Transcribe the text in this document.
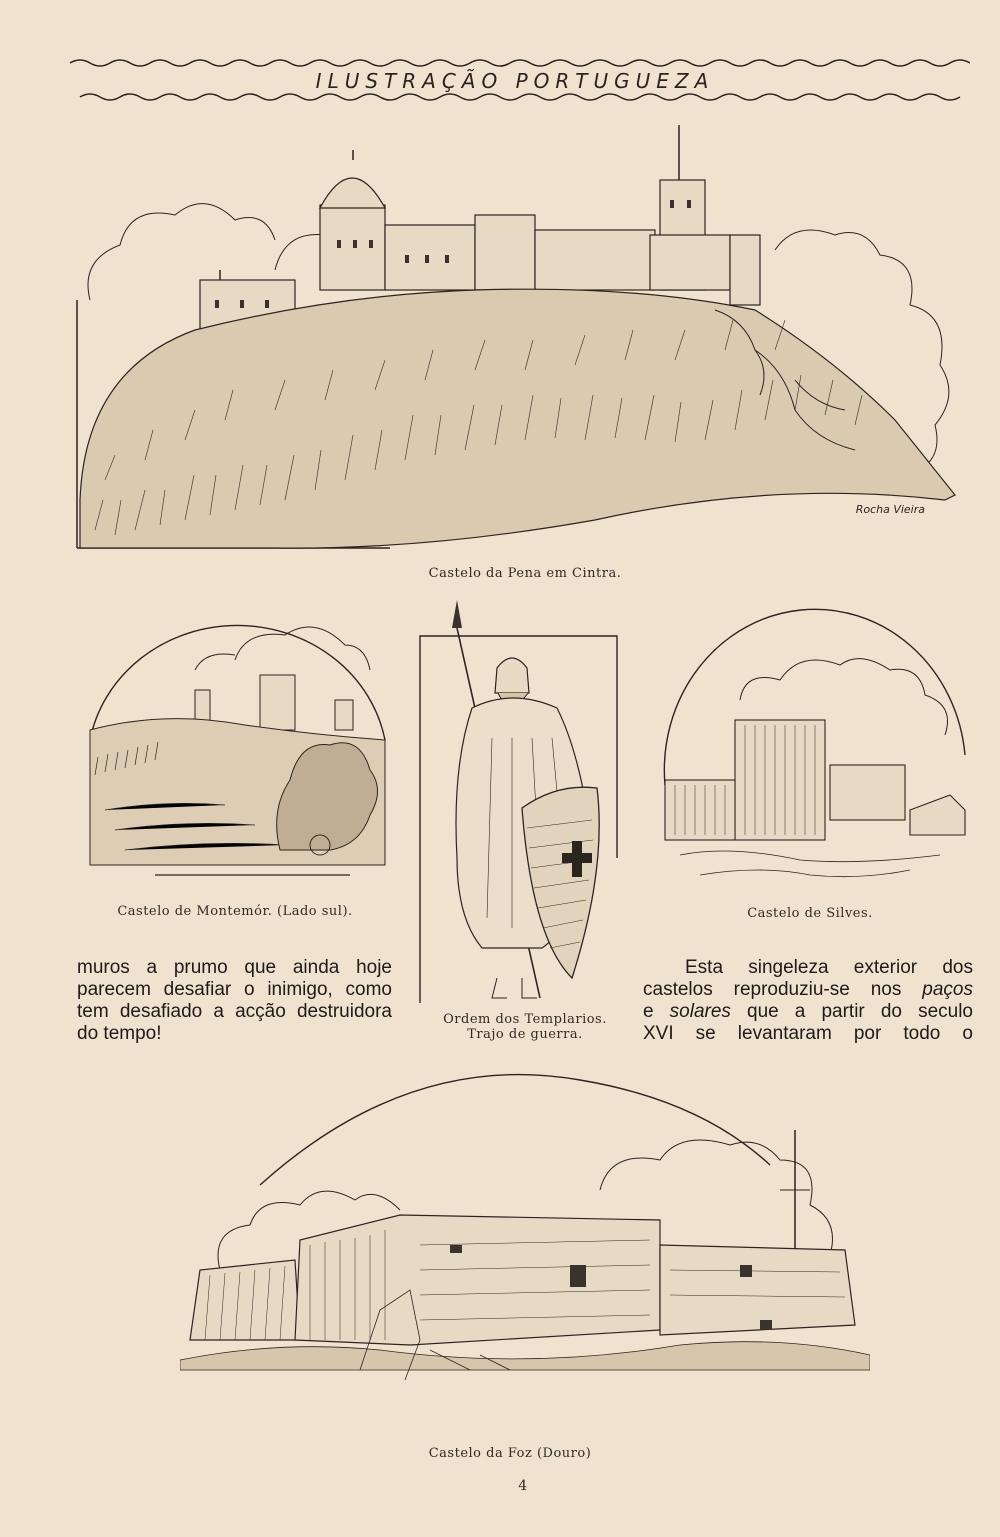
ILUSTRAÇÃO PORTUGUEZA
Rocha Vieira
Castelo da Pena em Cintra.
Castelo de Montemór. (Lado sul).
Ordem dos Templarios.
Trajo de guerra.
Castelo de Silves.
muros a prumo que ainda hoje
parecem desafiar o inimigo, como
tem desafiado a acção destruidora
do tempo!
Esta singeleza exterior dos
castelos reproduziu-se nos paços
e solares que a partir do seculo
XVI se levantaram por todo o
Castelo da Foz (Douro)
4
